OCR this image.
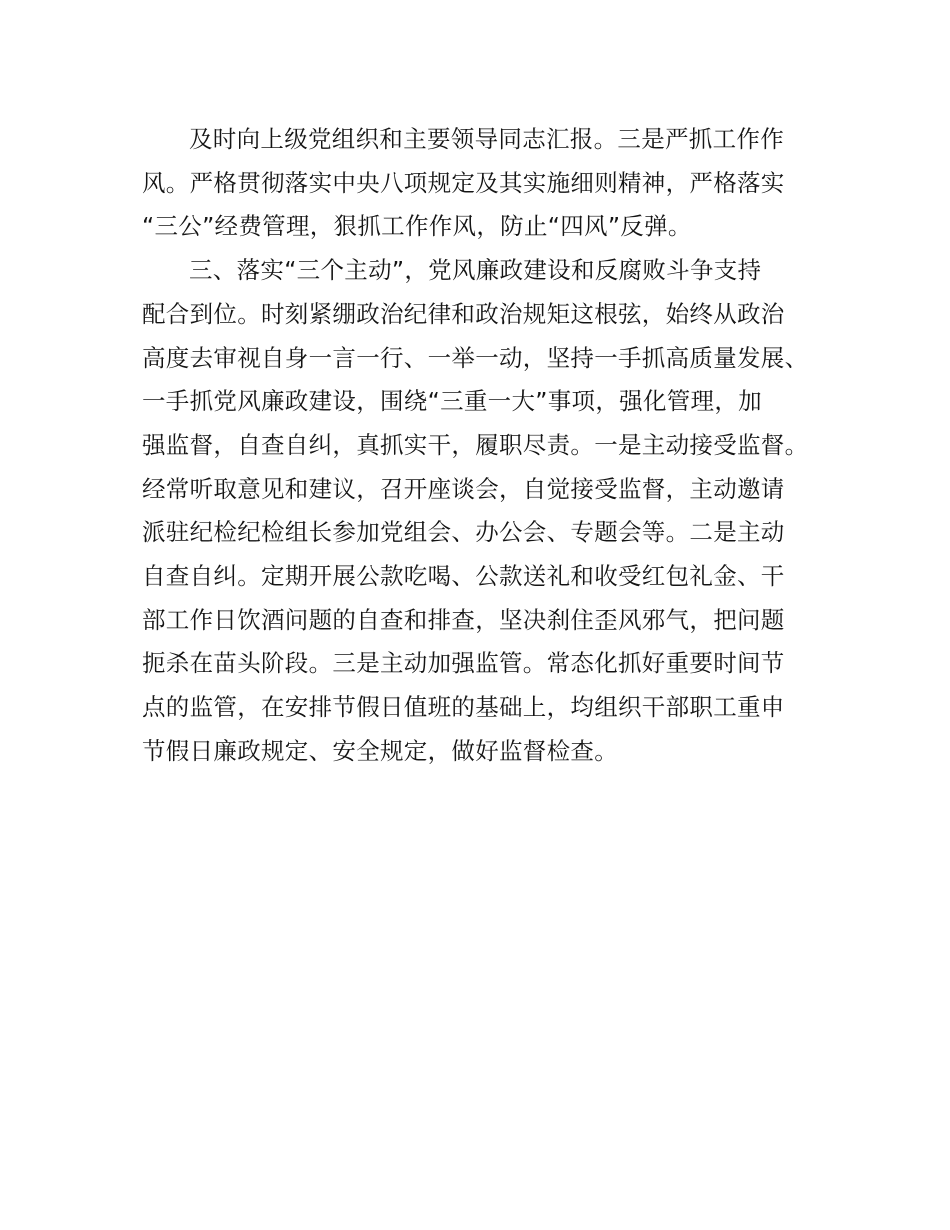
及时向上级党组织和主要领导同志汇报。三是严抓工作作
风。严格贯彻落实中央八项规定及其实施细则精神，严格落实
“三公”经费管理，狠抓工作作风，防止“四风”反弹。

三、落实“三个主动”，党风廉政建设和反腐败斗争支持
配合到位。时刻紧绷政治纪律和政治规矩这根弦，始终从政治
高度去审视自身一言一行、一举一动，坚持一手抓高质量发展、
一手抓党风廉政建设，围绕“三重一大”事项，强化管理，加
强监督，自查自纠，真抓实干，履职尽责。一是主动接受监督。
经常听取意见和建议，召开座谈会，自觉接受监督，主动邀请
派驻纪检纪检组长参加党组会、办公会、专题会等。二是主动
自查自纠。定期开展公款吃喝、公款送礼和收受红包礼金、干
部工作日饮酒问题的自查和排查，坚决刹住歪风邪气，把问题
扼杀在苗头阶段。三是主动加强监管。常态化抓好重要时间节
点的监管，在安排节假日值班的基础上，均组织干部职工重申
节假日廉政规定、安全规定，做好监督检查。
